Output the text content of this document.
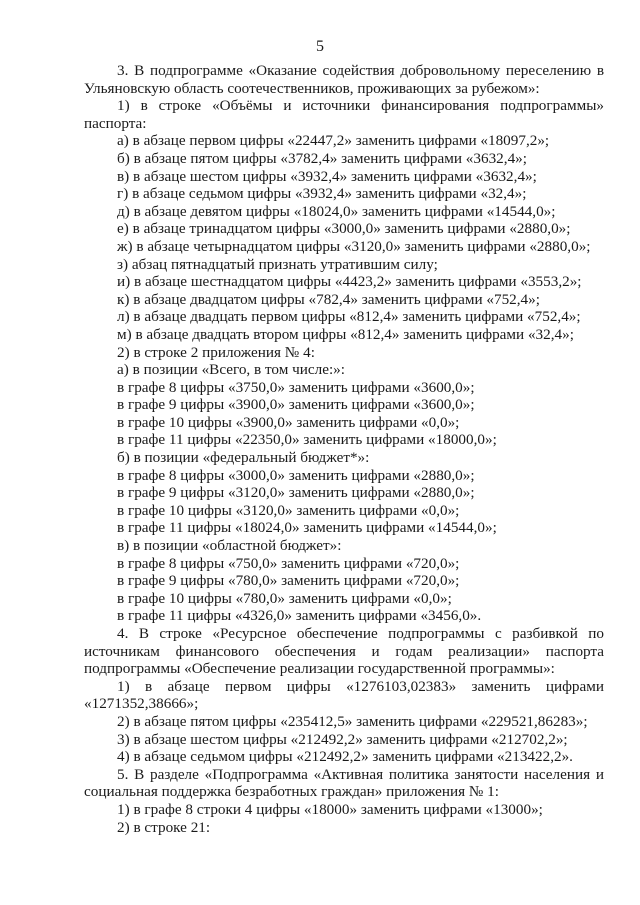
5
3. В подпрограмме «Оказание содействия добровольному переселению в Ульяновскую область соотечественников, проживающих за рубежом»:
1) в строке «Объёмы и источники финансирования подпрограммы» паспорта:
а) в абзаце первом цифры «22447,2» заменить цифрами «18097,2»;
б) в абзаце пятом цифры «3782,4» заменить цифрами «3632,4»;
в) в абзаце шестом цифры «3932,4» заменить цифрами «3632,4»;
г) в абзаце седьмом цифры «3932,4» заменить цифрами «32,4»;
д) в абзаце девятом цифры «18024,0» заменить цифрами «14544,0»;
е) в абзаце тринадцатом цифры «3000,0» заменить цифрами «2880,0»;
ж) в абзаце четырнадцатом цифры «3120,0» заменить цифрами «2880,0»;
з) абзац пятнадцатый признать утратившим силу;
и) в абзаце шестнадцатом цифры «4423,2» заменить цифрами «3553,2»;
к) в абзаце двадцатом цифры «782,4» заменить цифрами «752,4»;
л) в абзаце двадцать первом цифры «812,4» заменить цифрами «752,4»;
м) в абзаце двадцать втором цифры «812,4» заменить цифрами «32,4»;
2) в строке 2 приложения № 4:
а) в позиции «Всего, в том числе:»:
в графе 8 цифры «3750,0» заменить цифрами «3600,0»;
в графе 9 цифры «3900,0» заменить цифрами «3600,0»;
в графе 10 цифры «3900,0» заменить цифрами «0,0»;
в графе 11 цифры «22350,0» заменить цифрами «18000,0»;
б) в позиции «федеральный бюджет*»:
в графе 8 цифры «3000,0» заменить цифрами «2880,0»;
в графе 9 цифры «3120,0» заменить цифрами «2880,0»;
в графе 10 цифры «3120,0» заменить цифрами «0,0»;
в графе 11 цифры «18024,0» заменить цифрами «14544,0»;
в) в позиции «областной бюджет»:
в графе 8 цифры «750,0» заменить цифрами «720,0»;
в графе 9 цифры «780,0» заменить цифрами «720,0»;
в графе 10 цифры «780,0» заменить цифрами «0,0»;
в графе 11 цифры «4326,0» заменить цифрами «3456,0».
4. В строке «Ресурсное обеспечение подпрограммы с разбивкой по источникам финансового обеспечения и годам реализации» паспорта подпрограммы «Обеспечение реализации государственной программы»:
1) в абзаце первом цифры «1276103,02383» заменить цифрами «1271352,38666»;
2) в абзаце пятом цифры «235412,5» заменить цифрами «229521,86283»;
3) в абзаце шестом цифры «212492,2» заменить цифрами «212702,2»;
4) в абзаце седьмом цифры «212492,2» заменить цифрами «213422,2».
5. В разделе «Подпрограмма «Активная политика занятости населения и социальная поддержка безработных граждан» приложения № 1:
1) в графе 8 строки 4 цифры «18000» заменить цифрами «13000»;
2) в строке 21:
